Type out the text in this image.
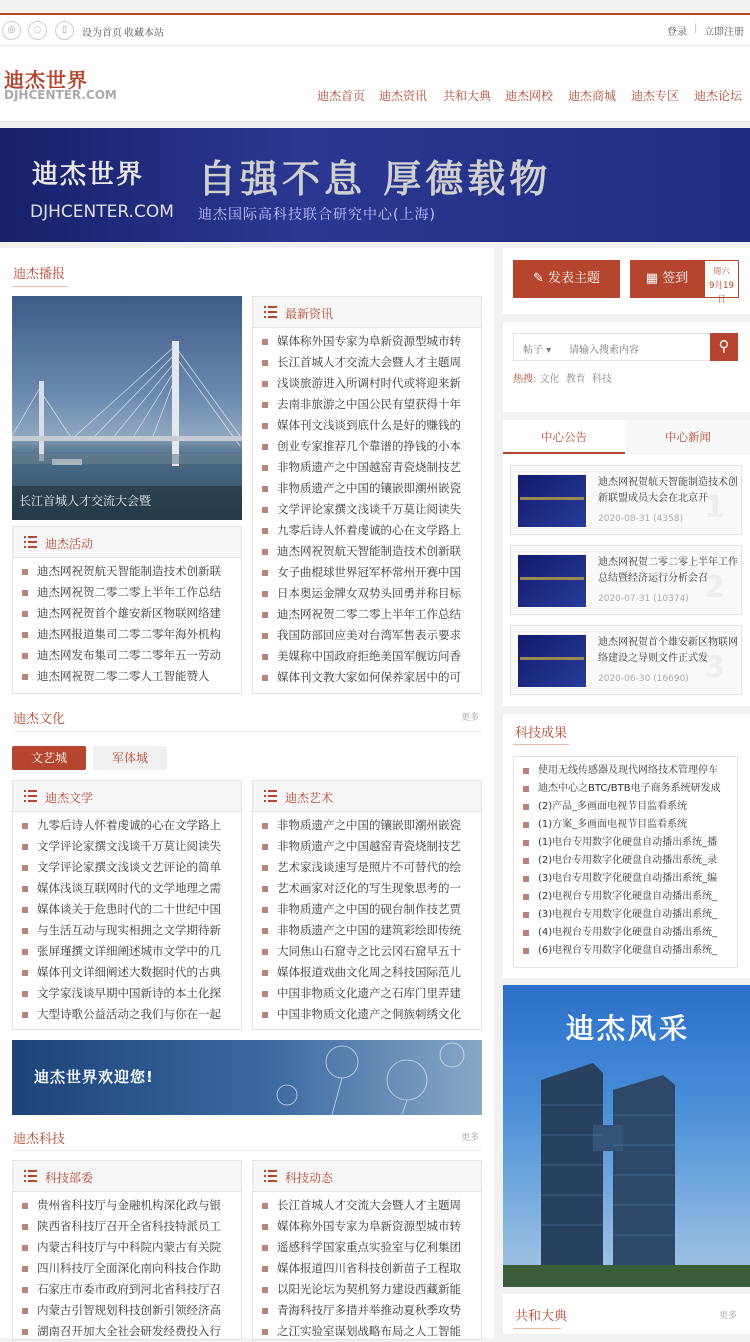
◎	◌	▯	设为首页 收藏本站	登录 | 立即注册
迪杰世界
DJHCENTER.COM	迪杰首页 迪杰资讯 共和大典 迪杰网校 迪杰商城 迪杰专区 迪杰论坛
迪杰世界 自强不息 厚德载物
DJHCENTER.COM 迪杰国际高科技联合研究中心(上海)
迪杰播报
长江首城人才交流大会暨
最新资讯
媒体称外国专家为阜新资源型城市转
长江首城人才交流大会暨人才主题周
浅谈旅游进入所调村时代或将迎来新
去南非旅游之中国公民有望获得十年
媒体刊文浅谈到底什么是好的赚钱的
创业专家推荐几个靠谱的挣钱的小本
非物质遗产之中国越窑青瓷烧制技艺
非物质遗产之中国的镶嵌即潮州嵌瓷
文学评论家撰文浅谈千万莫让阅读失
九零后诗人怀着虔诚的心在文学路上
迪杰网祝贺航天智能制造技术创新联
女子曲棍球世界冠军杯常州开赛中国
日本奥运金牌女双势头回勇并称目标
迪杰网祝贺二零二零上半年工作总结
我国防部回应美对台湾军售表示要求
美媒称中国政府拒绝美国军舰访问香
媒体刊文教大家如何保养家居中的可
迪杰活动
迪杰网祝贺航天智能制造技术创新联
迪杰网祝贺二零二零上半年工作总结
迪杰网祝贺首个雄安新区物联网络建
迪杰网报道集司二零二零年海外机构
迪杰网发布集司二零二零年五一劳动
迪杰网祝贺二零二零人工智能赞人
迪杰文化	更多
文艺城	军体城
迪杰文学
九零后诗人怀着虔诚的心在文学路上
文学评论家撰文浅谈千万莫让阅读失
文学评论家撰文浅谈文艺评论的简单
媒体浅谈互联网时代的文学地理之需
媒体谈关于危患时代的二十世纪中国
与生活互动与现实相拥之文学期待新
张屏瑾撰文详细阐述城市文学中的几
媒体刊文详细阐述大数据时代的古典
文学家浅谈早期中国新诗的本土化探
大型诗歌公益活动之我们与你在一起
迪杰艺术
非物质遗产之中国的镶嵌即潮州嵌瓷
非物质遗产之中国越窑青瓷烧制技艺
艺术家浅谈速写是照片不可替代的绘
艺术画家对泛化的写生现象思考的一
非物质遗产之中国的砚台制作技艺贾
非物质遗产之中国的建筑彩绘即传统
大同焦山石窟寺之比云冈石窟早五十
媒体报道戏曲文化周之科技国际范儿
中国非物质文化遗产之石库门里弄建
中国非物质文化遗产之侗族刺绣文化
迪杰世界欢迎您!
迪杰科技	更多
科技部委
贵州省科技厅与金融机构深化政与银
陕西省科技厅召开全省科技特派员工
内蒙古科技厅与中科院内蒙古有关院
四川科技厅全面深化南向科技合作助
石家庄市委市政府到河北省科技厅召
内蒙古引智规划科技创新引领经济高
湖南召开加大全社会研发经费投入行
科技动态
长江首城人才交流大会暨人才主题周
媒体称外国专家为阜新资源型城市转
遥感科学国家重点实验室与亿利集团
媒体报道四川省科技创新苗子工程取
以阳光论坛为契机努力建设西藏新能
青海科技厅多措并举推动夏秋季攻势
之江实验室谋划战略布局之人工智能
✎ 发表主题	▦ 签到	周六
9月19日
帖子 ▾ 请输入搜索内容	⚲
热搜: 文化 教育 科技
中心公告	中心新闻
迪杰网祝贺航天智能制造技术创新联盟成员大会在北京开
2020-08-31 (4358) 1
迪杰网祝贺二零二零上半年工作总结暨经济运行分析会召
2020-07-31 (10374) 2
迪杰网祝贺首个雄安新区物联网络建设之导则文件正式发
2020-06-30 (16690) 3
科技成果
使用无线传感器及现代网络技术管理停车
迪杰中心之BTC/BTB电子商务系统研发成
(2)产品_多画面电视节目监看系统
(1)方案_多画面电视节目监看系统
(1)电台专用数字化硬盘自动播出系统_播
(2)电台专用数字化硬盘自动播出系统_录
(3)电台专用数字化硬盘自动播出系统_编
(2)电视台专用数字化硬盘自动播出系统_
(3)电视台专用数字化硬盘自动播出系统_
(4)电视台专用数字化硬盘自动播出系统_
(6)电视台专用数字化硬盘自动播出系统_
迪杰风采
共和大典	更多
